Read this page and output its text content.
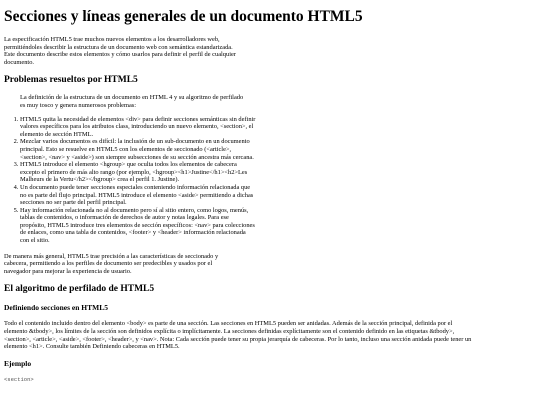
Secciones y líneas generales de un documento HTML5

La especificación HTML5 trae muchos nuevos elementos a los desarrolladores web, permitiéndoles describir la estructura de un documento web con semántica estandarizada. Este documento describe estos elementos y cómo usarlos para definir el perfil de cualquier documento.

Problemas resueltos por HTML5

La definición de la estructura de un documento en HTML 4 y su algoritmo de perfilado es muy tosco y genera numerosos problemas:

1. HTML5 quita la necesidad de elementos <div> para definir secciones semánticas sin definir valores específicos para los atributos class, introduciendo un nuevo elemento, <section>, el elemento de sección HTML.
2. Mezclar varios documentos es difícil: la inclusión de un sub-documento en un documento principal. Esto se resuelve en HTML5 con los elementos de seccionado (<article>, <section>, <nav> y <aside>) son siempre subsecciones de su sección ancestra más cercana.
3. HTML5 introduce el elemento <hgroup> que oculta todos los elementos de cabecera excepto el primero de más alto rango (por ejemplo, <hgroup><h1>Justine</h1><h2>Les Malheurs de la Vertu</h2></hgroup> crea el perfil 1. Justine).
4. Un documento puede tener secciones especiales conteniendo información relacionada que no es parte del flujo principal. HTML5 introduce el elemento <aside> permitiendo a dichas secciones no ser parte del perfil principal.
5. Hay información relacionada no al documento pero sí al sitio entero, como logos, menús, tablas de contenidos, o información de derechos de autor y notas legales. Para ese propósito, HTML5 introduce tres elementos de sección específicos: <nav> para colecciones de enlaces, como una tabla de contenidos, <footer> y <header> información relacionada con el sitio.

De manera más general, HTML5 trae precisión a las características de seccionado y cabecera, permitiendo a los perfiles de documento ser predecibles y usados por el navegador para mejorar la experiencia de usuario.

El algoritmo de perfilado de HTML5
Definiendo secciones en HTML5

Todo el contenido incluido dentro del elemento <body> es parte de una sección. Las secciones en HTML5 pueden ser anidadas. Además de la sección principal, definida por el elemento &tbody>, los límites de la sección son definidos explícita o implícitamente. La secciones definidas explícitamente son el contenido definido en las etiquetas &tbody>, <section>, <article>, <aside>, <footer>, <header>, y <nav>. Nota: Cada sección puede tener su propia jerarquía de cabeceras. Por lo tanto, incluso una sección anidada puede tener un elemento <h1>. Consulte también Definiendo cabeceras en HTML5.

Ejemplo
<section>
